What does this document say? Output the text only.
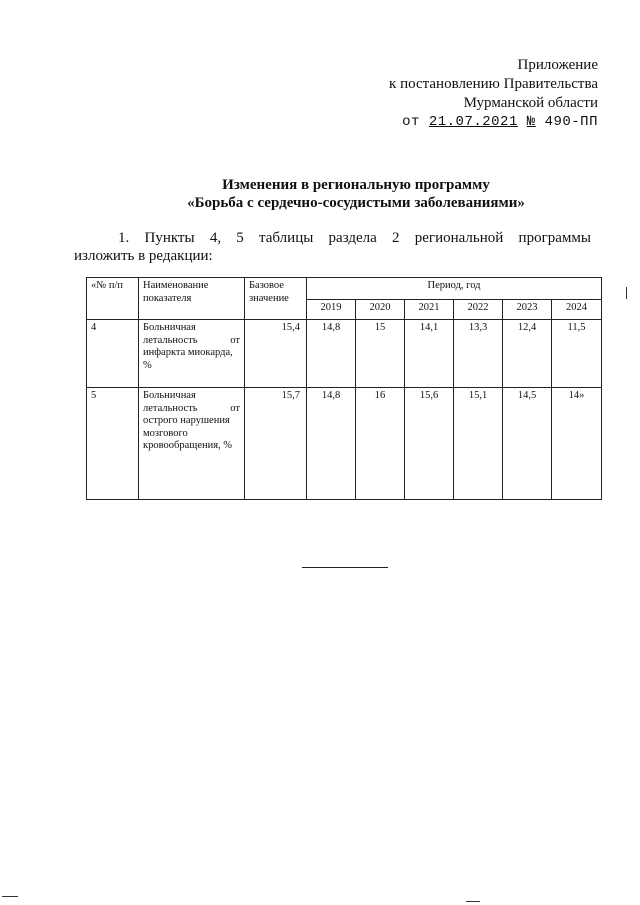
Приложение
к постановлению Правительства
Мурманской области
от 21.07.2021 № 490-ПП
Изменения в региональную программу
«Борьба с сердечно-сосудистыми заболеваниями»
1. Пункты 4, 5 таблицы раздела 2 региональной программы
изложить в редакции:
«№ п/п	Наименование показателя	Базовое значение	Период, год					
			2019	2020	2021	2022	2023	2024
4	Больничная
летальность от
инфаркта миокарда, %	15,4	14,8	15	14,1	13,3	12,4	11,5
5	Больничная
летальность от
острого нарушения мозгового кровообращения, %	15,7	14,8	16	15,6	15,1	14,5	14»
